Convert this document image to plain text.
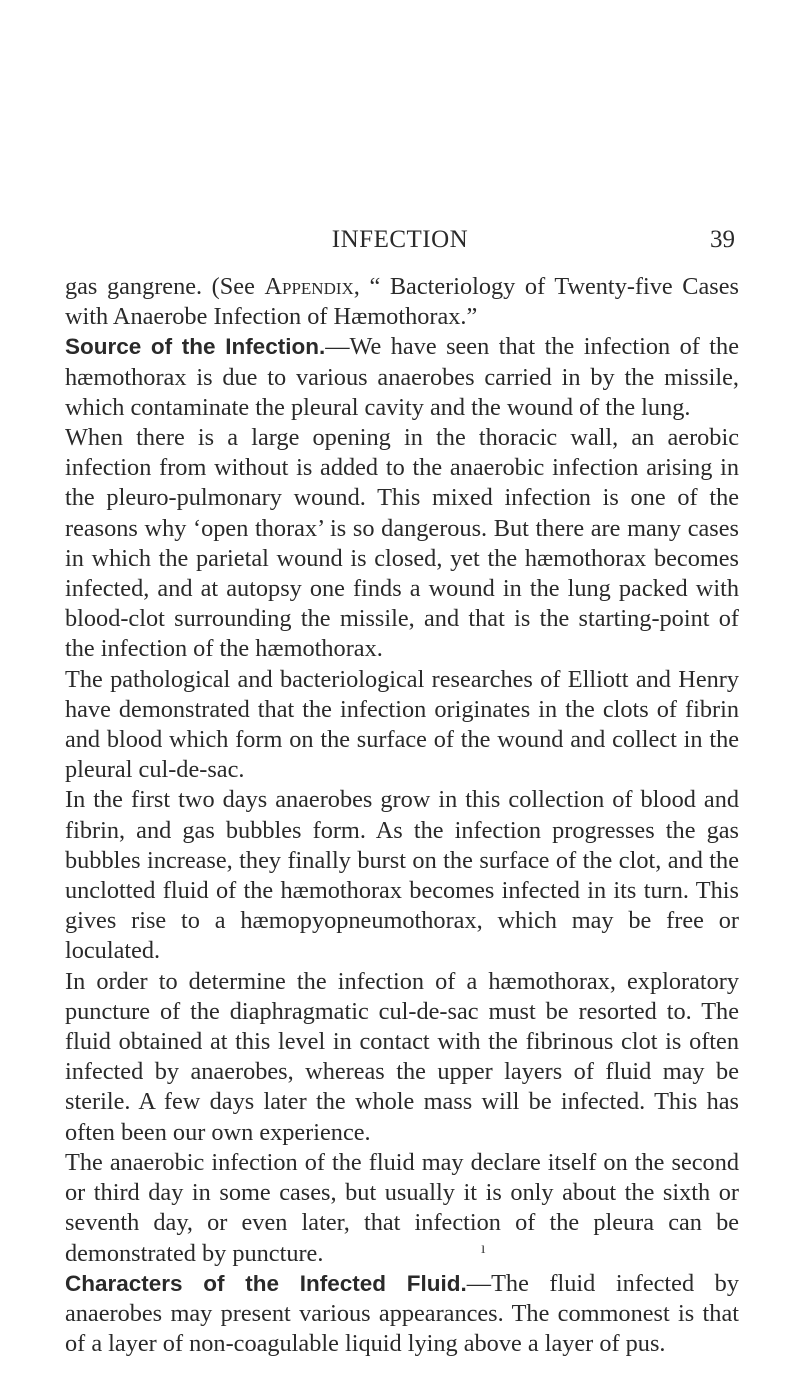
INFECTION	39

gas gangrene. (See Appendix, “ Bacteriology of Twenty-five Cases with Anaerobe Infection of Hæmothorax.”

Source of the Infection.—We have seen that the infection of the hæmothorax is due to various anaerobes carried in by the missile, which contaminate the pleural cavity and the wound of the lung.

When there is a large opening in the thoracic wall, an aerobic infection from without is added to the anaerobic infection arising in the pleuro-pulmonary wound. This mixed infection is one of the reasons why ‘open thorax’ is so dangerous. But there are many cases in which the parietal wound is closed, yet the hæmothorax becomes infected, and at autopsy one finds a wound in the lung packed with blood-clot surrounding the missile, and that is the starting-point of the infection of the hæmothorax.

The pathological and bacteriological researches of Elliott and Henry have demonstrated that the infection originates in the clots of fibrin and blood which form on the surface of the wound and collect in the pleural cul-de-sac.

In the first two days anaerobes grow in this collection of blood and fibrin, and gas bubbles form. As the infection progresses the gas bubbles increase, they finally burst on the surface of the clot, and the unclotted fluid of the hæmothorax becomes infected in its turn. This gives rise to a hæmopyopneumothorax, which may be free or loculated.

In order to determine the infection of a hæmothorax, exploratory puncture of the diaphragmatic cul-de-sac must be resorted to. The fluid obtained at this level in contact with the fibrinous clot is often infected by anaerobes, whereas the upper layers of fluid may be sterile. A few days later the whole mass will be infected. This has often been our own experience.

The anaerobic infection of the fluid may declare itself on the second or third day in some cases, but usually it is only about the sixth or seventh day, or even later, that infection of the pleura can be demonstrated by puncture.

Characters of the Infected Fluid.—The fluid infected by anaerobes may present various appearances. The commonest is that of a layer of non-coagulable liquid lying above a layer of pus.

ı
